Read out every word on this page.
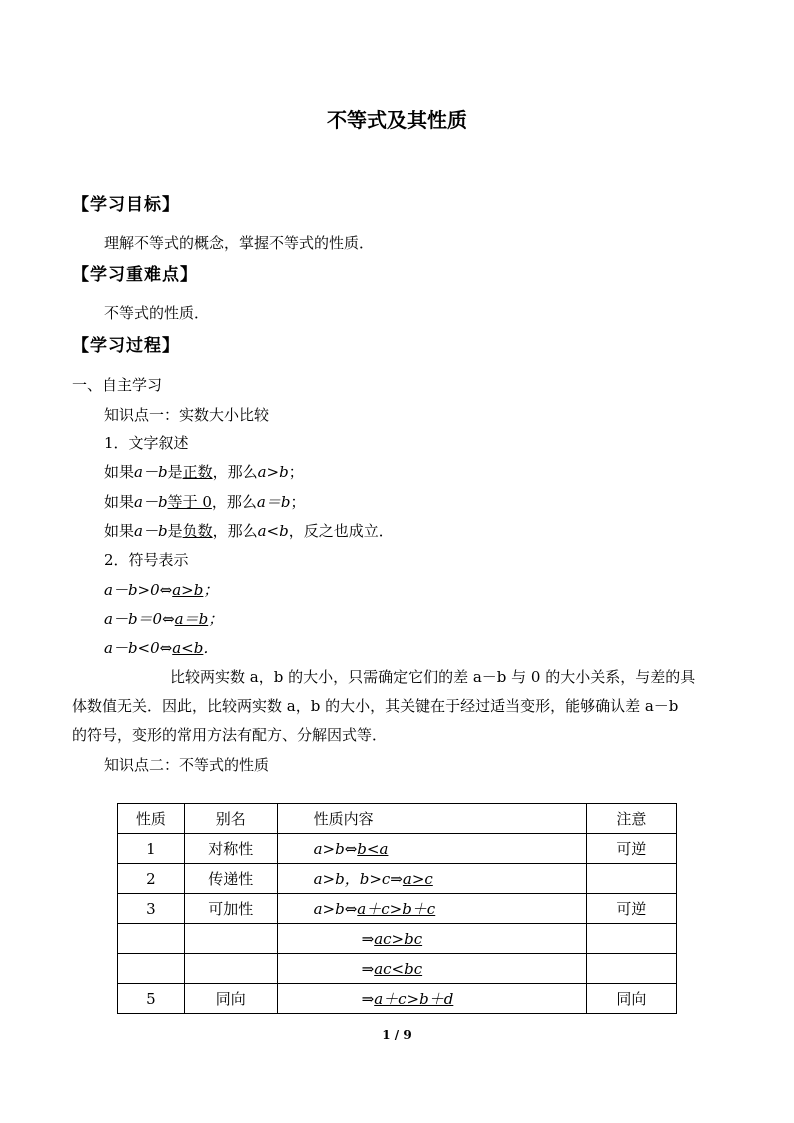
不等式及其性质
【学习目标】
理解不等式的概念，掌握不等式的性质．
【学习重难点】
不等式的性质．
【学习过程】
一、自主学习
知识点一：实数大小比较
1．文字叙述
如果a－b是正数，那么a>b；
如果a－b等于 0，那么a＝b；
如果a－b是负数，那么a<b，反之也成立．
2．符号表示
a－b>0⇔a>b；
a－b＝0⇔a＝b；
a－b<0⇔a<b．
比较两实数 a，b 的大小，只需确定它们的差 a－b 与 0 的大小关系，与差的具
体数值无关．因此，比较两实数 a，b 的大小，其关键在于经过适当变形，能够确认差 a－b
的符号，变形的常用方法有配方、分解因式等．
知识点二：不等式的性质
性质	别名	性质内容	注意
1	对称性	a>b⇔b<a	可逆
2	传递性	a>b，b>c⇒a>c	
3	可加性	a>b⇔a＋c>b＋c	可逆
		⇒ac>bc	
		⇒ac<bc	
5	同向	⇒a＋c>b＋d	同向
1 / 9
